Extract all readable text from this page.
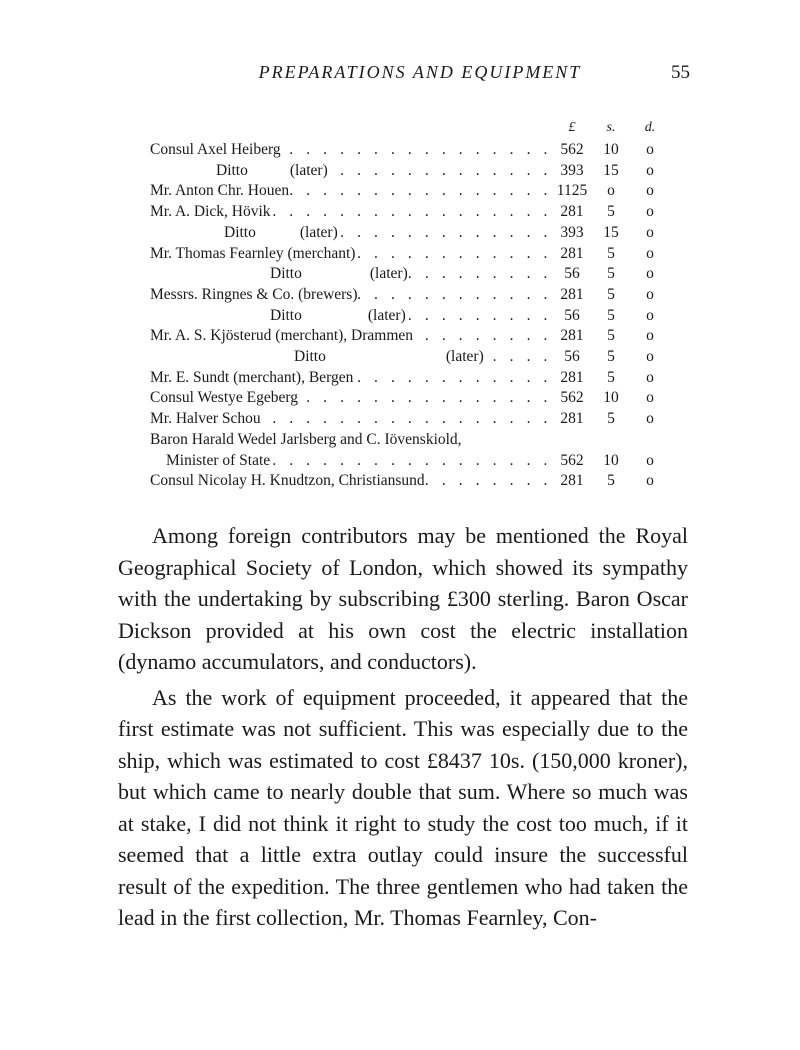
PREPARATIONS AND EQUIPMENT	55
£	s.	d.
Consul Axel Heiberg . . .	562	10	o
Ditto	(later) . . .	393	15	o
Mr. Anton Chr. Houen . . .	1125	o	o
Mr. A. Dick, Hövik . . .	281	5	o
Ditto	(later) . . .	393	15	o
Mr. Thomas Fearnley (merchant) . . .	281	5	o
Ditto	(later) . . .	56	5	o
Messrs. Ringnes & Co. (brewers) . . .	281	5	o
Ditto	(later) . . .	56	5	o
Mr. A. S. Kjösterud (merchant), Drammen . . .	281	5	o
Ditto	(later) . . .	56	5	o
Mr. E. Sundt (merchant), Bergen . . .	281	5	o
Consul Westye Egeberg . . .	562	10	o
Mr. Halver Schou . . .	281	5	o
Baron Harald Wedel Jarlsberg and C. Iövenskiold,
Minister of State . . .	562	10	o
Consul Nicolay H. Knudtzon, Christiansund . . .	281	5	o

Among foreign contributors may be mentioned the Royal Geographical Society of London, which showed its sympathy with the undertaking by subscribing £300 sterling. Baron Oscar Dickson provided at his own cost the electric installation (dynamo accumulators, and conductors).

As the work of equipment proceeded, it appeared that the first estimate was not sufficient. This was especially due to the ship, which was estimated to cost £8437 10s. (150,000 kroner), but which came to nearly double that sum. Where so much was at stake, I did not think it right to study the cost too much, if it seemed that a little extra outlay could insure the successful result of the expedition. The three gentlemen who had taken the lead in the first collection, Mr. Thomas Fearnley, Con-
